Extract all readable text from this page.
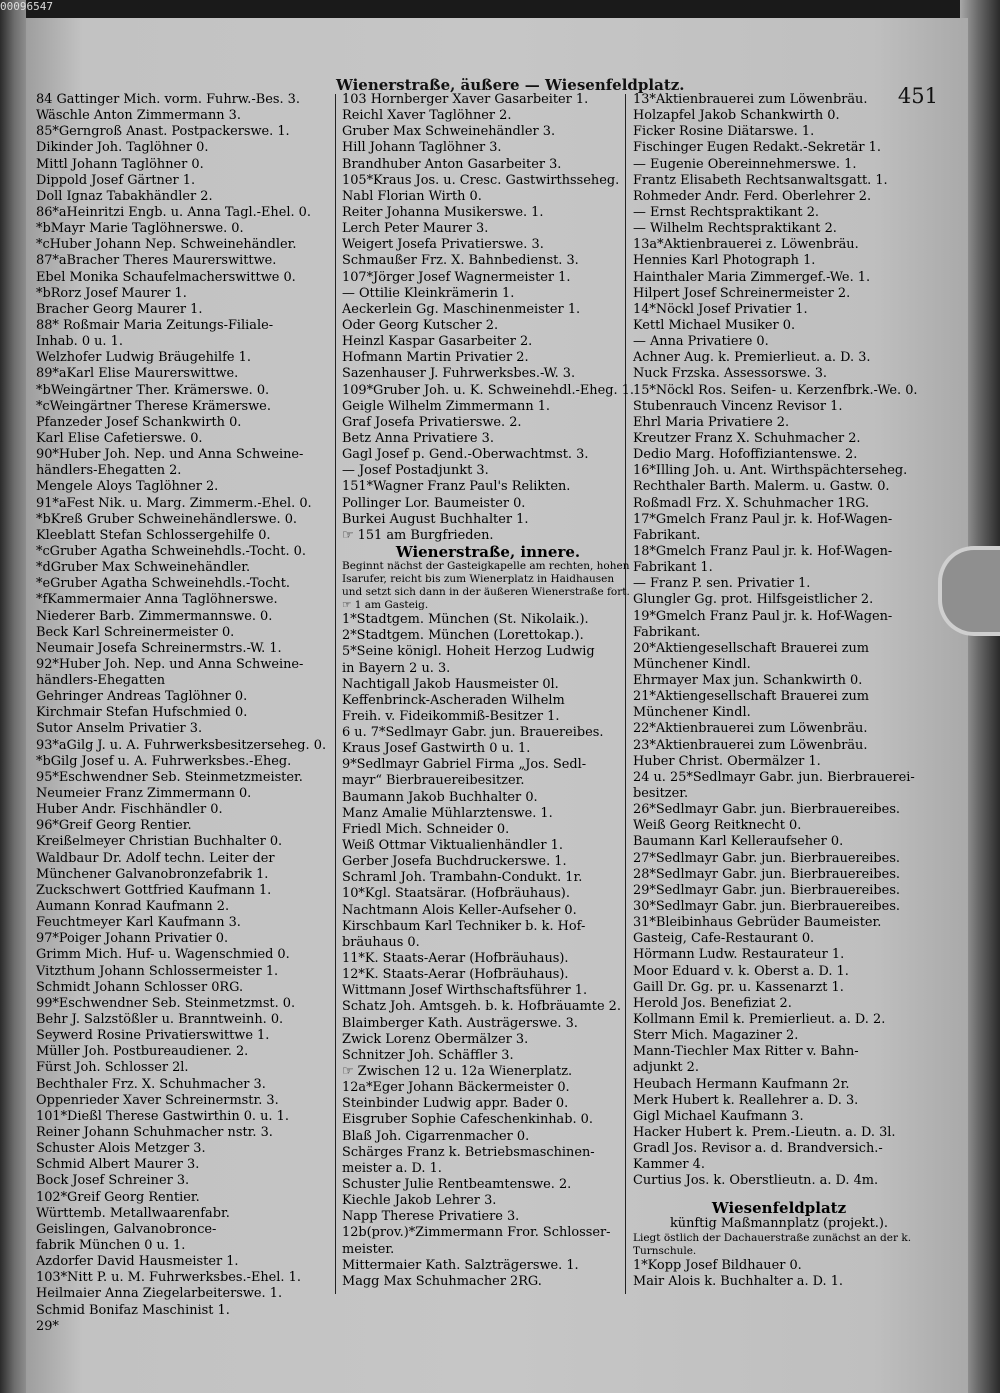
00096547
Wienerstraße, äußere — Wiesenfeldplatz.	451
84 Gattinger Mich. vorm. Fuhrw.-Bes. 3.
Wäschle Anton Zimmermann 3.
85*Gerngroß Anast. Postpackerswe. 1.
Dikinder Joh. Taglöhner 0.
Mittl Johann Taglöhner 0.
Dippold Josef Gärtner 1.
Doll Ignaz Tabakhändler 2.
86*aHeinritzi Engb. u. Anna Tagl.-Ehel. 0.
*bMayr Marie Taglöhnerswe. 0.
*cHuber Johann Nep. Schweinehändler.
87*aBracher Theres Maurerswittwe.
Ebel Monika Schaufelmacherswittwe 0.
*bRorz Josef Maurer 1.
Bracher Georg Maurer 1.
88* Roßmair Maria Zeitungs-Filiale-
Inhab. 0 u. 1.
Welzhofer Ludwig Bräugehilfe 1.
89*aKarl Elise Maurerswittwe.
*bWeingärtner Ther. Krämerswe. 0.
*cWeingärtner Therese Krämerswe.
Pfanzeder Josef Schankwirth 0.
Karl Elise Cafetierswe. 0.
90*Huber Joh. Nep. und Anna Schweine-
händlers-Ehegatten 2.
Mengele Aloys Taglöhner 2.
91*aFest Nik. u. Marg. Zimmerm.-Ehel. 0.
*bKreß Gruber Schweinehändlerswe. 0.
Kleeblatt Stefan Schlossergehilfe 0.
*cGruber Agatha Schweinehdls.-Tocht. 0.
*dGruber Max Schweinehändler.
*eGruber Agatha Schweinehdls.-Tocht.
*fKammermaier Anna Taglöhnerswe.
Niederer Barb. Zimmermannswe. 0.
Beck Karl Schreinermeister 0.
Neumair Josefa Schreinermstrs.-W. 1.
92*Huber Joh. Nep. und Anna Schweine-
händlers-Ehegatten
Gehringer Andreas Taglöhner 0.
Kirchmair Stefan Hufschmied 0.
Sutor Anselm Privatier 3.
93*aGilg J. u. A. Fuhrwerksbesitzerseheg. 0.
*bGilg Josef u. A. Fuhrwerksbes.-Eheg.
95*Eschwendner Seb. Steinmetzmeister.
Neumeier Franz Zimmermann 0.
Huber Andr. Fischhändler 0.
96*Greif Georg Rentier.
Kreißelmeyer Christian Buchhalter 0.
Waldbaur Dr. Adolf techn. Leiter der
Münchener Galvanobronzefabrik 1.
Zuckschwert Gottfried Kaufmann 1.
Aumann Konrad Kaufmann 2.
Feuchtmeyer Karl Kaufmann 3.
97*Poiger Johann Privatier 0.
Grimm Mich. Huf- u. Wagenschmied 0.
Vitzthum Johann Schlossermeister 1.
Schmidt Johann Schlosser 0RG.
99*Eschwendner Seb. Steinmetzmst. 0.
Behr J. Salzstößler u. Branntweinh. 0.
Seywerd Rosine Privatierswittwe 1.
Müller Joh. Postbureaudiener. 2.
Fürst Joh. Schlosser 2l.
Bechthaler Frz. X. Schuhmacher 3.
Oppenrieder Xaver Schreinermstr. 3.
101*Dießl Therese Gastwirthin 0. u. 1.
Reiner Johann Schuhmacher nstr. 3.
Schuster Alois Metzger 3.
Schmid Albert Maurer 3.
Bock Josef Schreiner 3.
102*Greif Georg Rentier.
Württemb. Metallwaarenfabr.
Geislingen, Galvanobronce-
fabrik München 0 u. 1.
Azdorfer David Hausmeister 1.
103*Nitt P. u. M. Fuhrwerksbes.-Ehel. 1.
Heilmaier Anna Ziegelarbeiterswe. 1.
Schmid Bonifaz Maschinist 1.
29*
103 Hornberger Xaver Gasarbeiter 1.
Reichl Xaver Taglöhner 2.
Gruber Max Schweinehändler 3.
Hill Johann Taglöhner 3.
Brandhuber Anton Gasarbeiter 3.
105*Kraus Jos. u. Cresc. Gastwirthsseheg.
Nabl Florian Wirth 0.
Reiter Johanna Musikerswe. 1.
Lerch Peter Maurer 3.
Weigert Josefa Privatierswe. 3.
Schmaußer Frz. X. Bahnbedienst. 3.
107*Jörger Josef Wagnermeister 1.
— Ottilie Kleinkrämerin 1.
Aeckerlein Gg. Maschinenmeister 1.
Oder Georg Kutscher 2.
Heinzl Kaspar Gasarbeiter 2.
Hofmann Martin Privatier 2.
Sazenhauser J. Fuhrwerksbes.-W. 3.
109*Gruber Joh. u. K. Schweinehdl.-Eheg. 1.
Geigle Wilhelm Zimmermann 1.
Graf Josefa Privatierswe. 2.
Betz Anna Privatiere 3.
Gagl Josef p. Gend.-Oberwachtmst. 3.
— Josef Postadjunkt 3.
151*Wagner Franz Paul's Relikten.
Pollinger Lor. Baumeister 0.
Burkei August Buchhalter 1.
☞ 151 am Burgfrieden.
Wienerstraße, innere.
Beginnt nächst der Gasteigkapelle am rechten, hohen
Isarufer, reicht bis zum Wienerplatz in Haidhausen
und setzt sich dann in der äußeren Wienerstraße fort.
☞ 1 am Gasteig.
1*Stadtgem. München (St. Nikolaik.).
2*Stadtgem. München (Lorettokap.).
5*Seine königl. Hoheit Herzog Ludwig
in Bayern 2 u. 3.
Nachtigall Jakob Hausmeister 0l.
Keffenbrinck-Ascheraden Wilhelm
Freih. v. Fideikommiß-Besitzer 1.
6 u. 7*Sedlmayr Gabr. jun. Brauereibes.
Kraus Josef Gastwirth 0 u. 1.
9*Sedlmayr Gabriel Firma „Jos. Sedl-
mayr“ Bierbrauereibesitzer.
Baumann Jakob Buchhalter 0.
Manz Amalie Mühlarztenswe. 1.
Friedl Mich. Schneider 0.
Weiß Ottmar Viktualienhändler 1.
Gerber Josefa Buchdruckerswe. 1.
Schraml Joh. Trambahn-Condukt. 1r.
10*Kgl. Staatsärar. (Hofbräuhaus).
Nachtmann Alois Keller-Aufseher 0.
Kirschbaum Karl Techniker b. k. Hof-
bräuhaus 0.
11*K. Staats-Aerar (Hofbräuhaus).
12*K. Staats-Aerar (Hofbräuhaus).
Wittmann Josef Wirthschaftsführer 1.
Schatz Joh. Amtsgeh. b. k. Hofbräuamte 2.
Blaimberger Kath. Austrägerswe. 3.
Zwick Lorenz Obermälzer 3.
Schnitzer Joh. Schäffler 3.
☞ Zwischen 12 u. 12a Wienerplatz.
12a*Eger Johann Bäckermeister 0.
Steinbinder Ludwig appr. Bader 0.
Eisgruber Sophie Cafeschenkinhab. 0.
Blaß Joh. Cigarrenmacher 0.
Schärges Franz k. Betriebsmaschinen-
meister a. D. 1.
Schuster Julie Rentbeamtenswe. 2.
Kiechle Jakob Lehrer 3.
Napp Therese Privatiere 3.
12b(prov.)*Zimmermann Fror. Schlosser-
meister.
Mittermaier Kath. Salzträgerswe. 1.
Magg Max Schuhmacher 2RG.
13*Aktienbrauerei zum Löwenbräu.
Holzapfel Jakob Schankwirth 0.
Ficker Rosine Diätarswe. 1.
Fischinger Eugen Redakt.-Sekretär 1.
— Eugenie Obereinnehmerswe. 1.
Frantz Elisabeth Rechtsanwaltsgatt. 1.
Rohmeder Andr. Ferd. Oberlehrer 2.
— Ernst Rechtspraktikant 2.
— Wilhelm Rechtspraktikant 2.
13a*Aktienbrauerei z. Löwenbräu.
Hennies Karl Photograph 1.
Hainthaler Maria Zimmergef.-We. 1.
Hilpert Josef Schreinermeister 2.
14*Nöckl Josef Privatier 1.
Kettl Michael Musiker 0.
— Anna Privatiere 0.
Achner Aug. k. Premierlieut. a. D. 3.
Nuck Frzska. Assessorswe. 3.
15*Nöckl Ros. Seifen- u. Kerzenfbrk.-We. 0.
Stubenrauch Vincenz Revisor 1.
Ehrl Maria Privatiere 2.
Kreutzer Franz X. Schuhmacher 2.
Dedio Marg. Hofoffiziantenswe. 2.
16*Illing Joh. u. Ant. Wirthspächterseheg.
Rechthaler Barth. Malerm. u. Gastw. 0.
Roßmadl Frz. X. Schuhmacher 1RG.
17*Gmelch Franz Paul jr. k. Hof-Wagen-
Fabrikant.
18*Gmelch Franz Paul jr. k. Hof-Wagen-
Fabrikant 1.
— Franz P. sen. Privatier 1.
Glungler Gg. prot. Hilfsgeistlicher 2.
19*Gmelch Franz Paul jr. k. Hof-Wagen-
Fabrikant.
20*Aktiengesellschaft Brauerei zum
Münchener Kindl.
Ehrmayer Max jun. Schankwirth 0.
21*Aktiengesellschaft Brauerei zum
Münchener Kindl.
22*Aktienbrauerei zum Löwenbräu.
23*Aktienbrauerei zum Löwenbräu.
Huber Christ. Obermälzer 1.
24 u. 25*Sedlmayr Gabr. jun. Bierbrauerei-
besitzer.
26*Sedlmayr Gabr. jun. Bierbrauereibes.
Weiß Georg Reitknecht 0.
Baumann Karl Kelleraufseher 0.
27*Sedlmayr Gabr. jun. Bierbrauereibes.
28*Sedlmayr Gabr. jun. Bierbrauereibes.
29*Sedlmayr Gabr. jun. Bierbrauereibes.
30*Sedlmayr Gabr. jun. Bierbrauereibes.
31*Bleibinhaus Gebrüder Baumeister.
Gasteig, Cafe-Restaurant 0.
Hörmann Ludw. Restaurateur 1.
Moor Eduard v. k. Oberst a. D. 1.
Gaill Dr. Gg. pr. u. Kassenarzt 1.
Herold Jos. Benefiziat 2.
Kollmann Emil k. Premierlieut. a. D. 2.
Sterr Mich. Magaziner 2.
Mann-Tiechler Max Ritter v. Bahn-
adjunkt 2.
Heubach Hermann Kaufmann 2r.
Merk Hubert k. Reallehrer a. D. 3.
Gigl Michael Kaufmann 3.
Hacker Hubert k. Prem.-Lieutn. a. D. 3l.
Gradl Jos. Revisor a. d. Brandversich.-
Kammer 4.
Curtius Jos. k. Oberstlieutn. a. D. 4m.
Wiesenfeldplatz
künftig Maßmannplatz (projekt.).
Liegt östlich der Dachauerstraße zunächst an der k.
Turnschule.
1*Kopp Josef Bildhauer 0.
Mair Alois k. Buchhalter a. D. 1.
